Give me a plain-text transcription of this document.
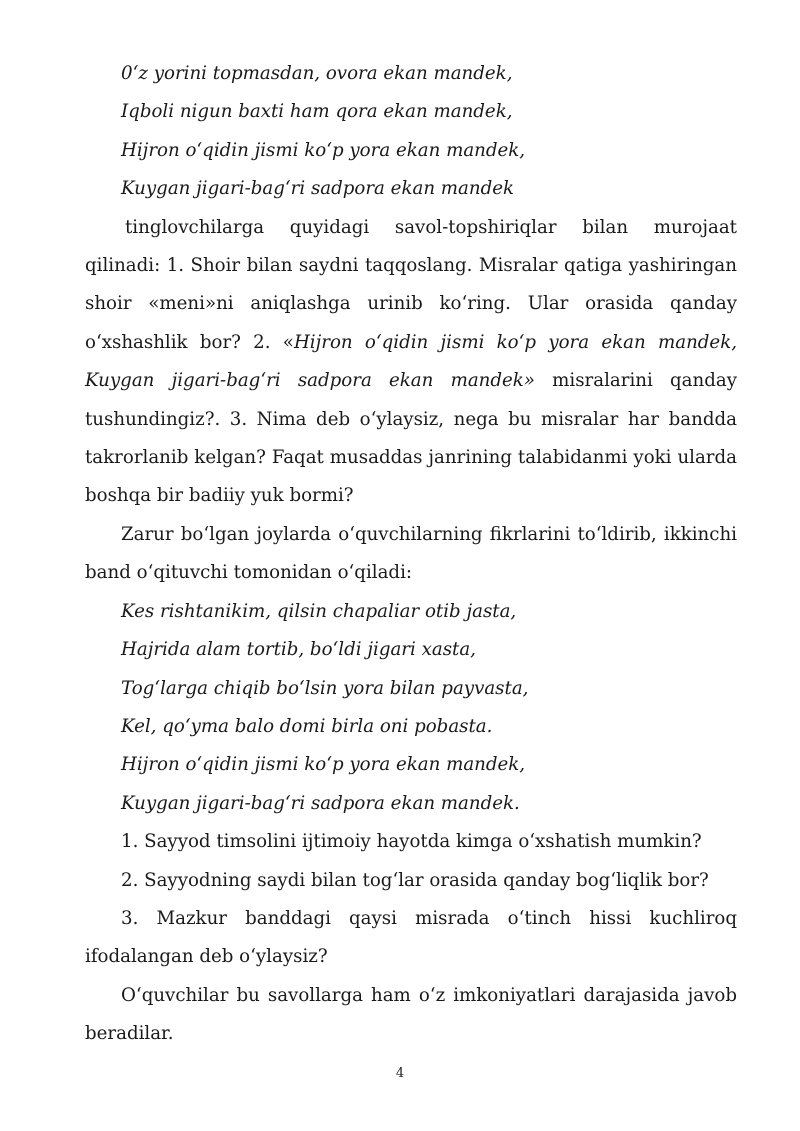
0‘z yorini topmasdan, ovora ekan mandek,

Iqboli nigun baxti ham qora ekan mandek,

Hijron o‘qidin jismi ko‘p yora ekan mandek,

Kuygan jigari-bag‘ri sadpora ekan mandek

tinglovchilarga quyidagi savol-topshiriqlar bilan murojaat qilinadi: 1. Shoir bilan saydni taqqoslang. Misralar qatiga yashiringan shoir «meni»ni aniqlashga urinib ko‘ring. Ular orasida qanday o‘xshashlik bor? 2. «Hijron o‘qidin jismi ko‘p yora ekan mandek, Kuygan jigari-bag‘ri sadpora ekan mandek» misralarini qanday tushundingiz?. 3. Nima deb o‘ylaysiz, nega bu misralar har bandda takrorlanib kelgan? Faqat musaddas janrining talabidanmi yoki ularda boshqa bir badiiy yuk bormi?

Zarur bo‘lgan joylarda o‘quvchilarning fikrlarini to‘ldirib, ikkinchi band o‘qituvchi tomonidan o‘qiladi:

Kes rishtanikim, qilsin chapaliar otib jasta,

Hajrida alam tortib, bo‘ldi jigari xasta,

Tog‘larga chiqib bo‘lsin yora bilan payvasta,

Kel, qo‘yma balo domi birla oni pobasta.

Hijron o‘qidin jismi ko‘p yora ekan mandek,

Kuygan jigari-bag‘ri sadpora ekan mandek.

1. Sayyod timsolini ijtimoiy hayotda kimga o‘xshatish mumkin?

2. Sayyodning saydi bilan tog‘lar orasida qanday bog‘liqlik bor?

3. Mazkur banddagi qaysi misrada o‘tinch hissi kuchliroq ifodalangan deb o‘ylaysiz?

O‘quvchilar bu savollarga ham o‘z imkoniyatlari darajasida javob beradilar.

4
